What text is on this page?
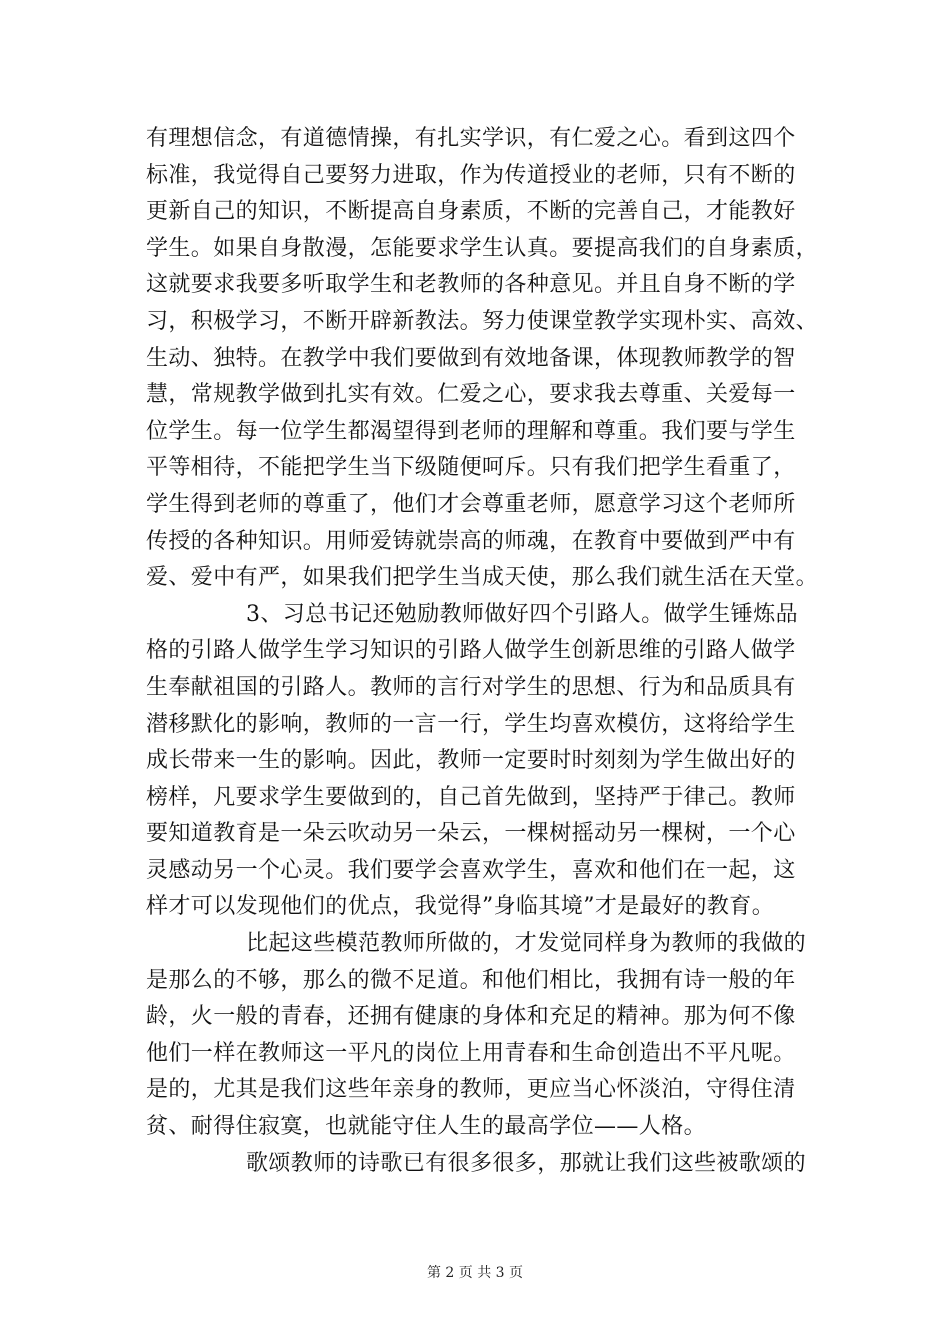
有理想信念，有道德情操，有扎实学识，有仁爱之心。看到这四个
标准，我觉得自己要努力进取，作为传道授业的老师，只有不断的
更新自己的知识，不断提高自身素质，不断的完善自己，才能教好
学生。如果自身散漫，怎能要求学生认真。要提高我们的自身素质，
这就要求我要多听取学生和老教师的各种意见。并且自身不断的学
习，积极学习，不断开辟新教法。努力使课堂教学实现朴实、高效、
生动、独特。在教学中我们要做到有效地备课，体现教师教学的智
慧，常规教学做到扎实有效。仁爱之心，要求我去尊重、关爱每一
位学生。每一位学生都渴望得到老师的理解和尊重。我们要与学生
平等相待，不能把学生当下级随便呵斥。只有我们把学生看重了，
学生得到老师的尊重了，他们才会尊重老师，愿意学习这个老师所
传授的各种知识。用师爱铸就崇高的师魂，在教育中要做到严中有
爱、爱中有严，如果我们把学生当成天使，那么我们就生活在天堂。
3、习总书记还勉励教师做好四个引路人。做学生锤炼品
格的引路人做学生学习知识的引路人做学生创新思维的引路人做学
生奉献祖国的引路人。教师的言行对学生的思想、行为和品质具有
潜移默化的影响，教师的一言一行，学生均喜欢模仿，这将给学生
成长带来一生的影响。因此，教师一定要时时刻刻为学生做出好的
榜样，凡要求学生要做到的，自己首先做到，坚持严于律己。教师
要知道教育是一朵云吹动另一朵云，一棵树摇动另一棵树，一个心
灵感动另一个心灵。我们要学会喜欢学生，喜欢和他们在一起，这
样才可以发现他们的优点，我觉得”身临其境”才是最好的教育。
比起这些模范教师所做的，才发觉同样身为教师的我做的
是那么的不够，那么的微不足道。和他们相比，我拥有诗一般的年
龄，火一般的青春，还拥有健康的身体和充足的精神。那为何不像
他们一样在教师这一平凡的岗位上用青春和生命创造出不平凡呢。
是的，尤其是我们这些年亲身的教师，更应当心怀淡泊，守得住清
贫、耐得住寂寞，也就能守住人生的最高学位——人格。
歌颂教师的诗歌已有很多很多，那就让我们这些被歌颂的
第 2 页 共 3 页
